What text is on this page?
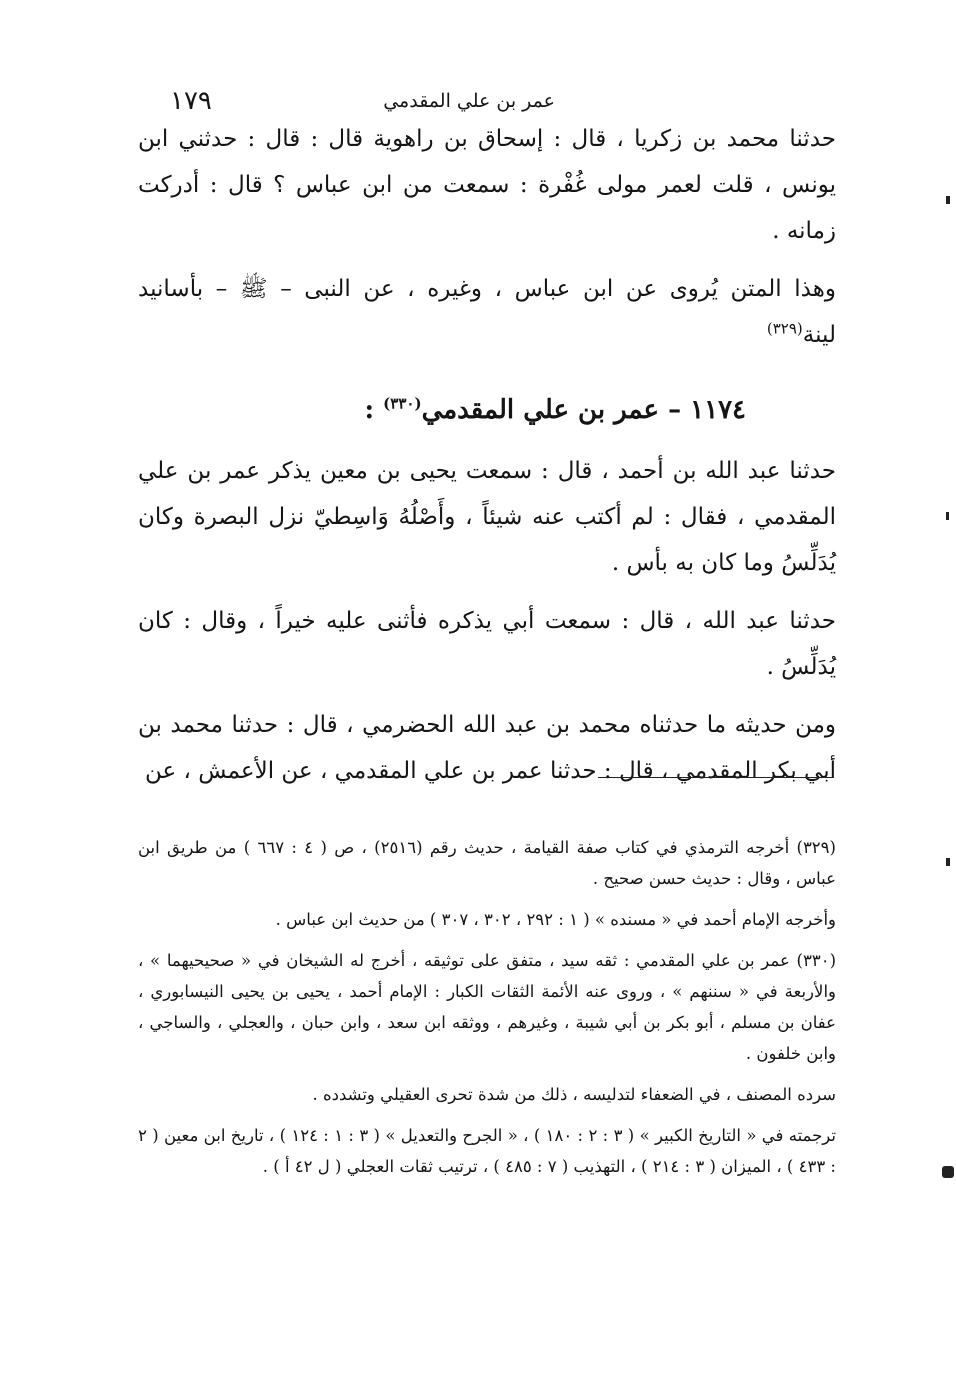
١٧٩	عمر بن علي المقدمي

حدثنا محمد بن زكريا ، قال : إسحاق بن راهوية قال : قال : حدثني ابن يونس ، قلت لعمر مولى غُفْرة : سمعت من ابن عباس ؟ قال : أدركت زمانه .

وهذا المتن يُروى عن ابن عباس ، وغيره ، عن النبى – ﷺ – بأسانيد لينة$^{(٣٢٩)}$

١١٧٤ – عمر بن علي المقدمي$^{(٣٣٠)}$ :

حدثنا عبد الله بن أحمد ، قال : سمعت يحيى بن معين يذكر عمر بن علي المقدمي ، فقال : لم أكتب عنه شيئاً ، وأَصْلُهُ وَاسِطيّ نزل البصرة وكان يُدَلِّسُ وما كان به بأس .

حدثنا عبد الله ، قال : سمعت أبي يذكره فأثنى عليه خيراً ، وقال : كان يُدَلِّسُ .

ومن حديثه ما حدثناه محمد بن عبد الله الحضرمي ، قال : حدثنا محمد بن أبي بكر المقدمي ، قال : حدثنا عمر بن علي المقدمي ، عن الأعمش ، عن

(٣٢٩) أخرجه الترمذي في كتاب صفة القيامة ، حديث رقم (٢٥١٦) ، ص ( ٤ : ٦٦٧ ) من طريق ابن عباس ، وقال : حديث حسن صحيح .

وأخرجه الإمام أحمد في « مسنده » ( ١ : ٢٩٢ ، ٣٠٢ ، ٣٠٧ ) من حديث ابن عباس .

(٣٣٠) عمر بن علي المقدمي : ثقه سيد ، متفق على توثيقه ، أخرج له الشيخان في « صحيحيهما » ، والأربعة في « سننهم » ، وروى عنه الأئمة الثقات الكبار : الإمام أحمد ، يحيى بن يحيى النيسابوري ، عفان بن مسلم ، أبو بكر بن أبي شيبة ، وغيرهم ، ووثقه ابن سعد ، وابن حبان ، والعجلي ، والساجي ، وابن خلفون .

سرده المصنف ، في الضعفاء لتدليسه ، ذلك من شدة تحرى العقيلي وتشدده .

ترجمته في « التاريخ الكبير » ( ٣ : ٢ : ١٨٠ ) ، « الجرح والتعديل » ( ٣ : ١ : ١٢٤ ) ، تاريخ ابن معين ( ٢ : ٤٣٣ ) ، الميزان ( ٣ : ٢١٤ ) ، التهذيب ( ٧ : ٤٨٥ ) ، ترتيب ثقات العجلي ( ل ٤٢ أ ) .
